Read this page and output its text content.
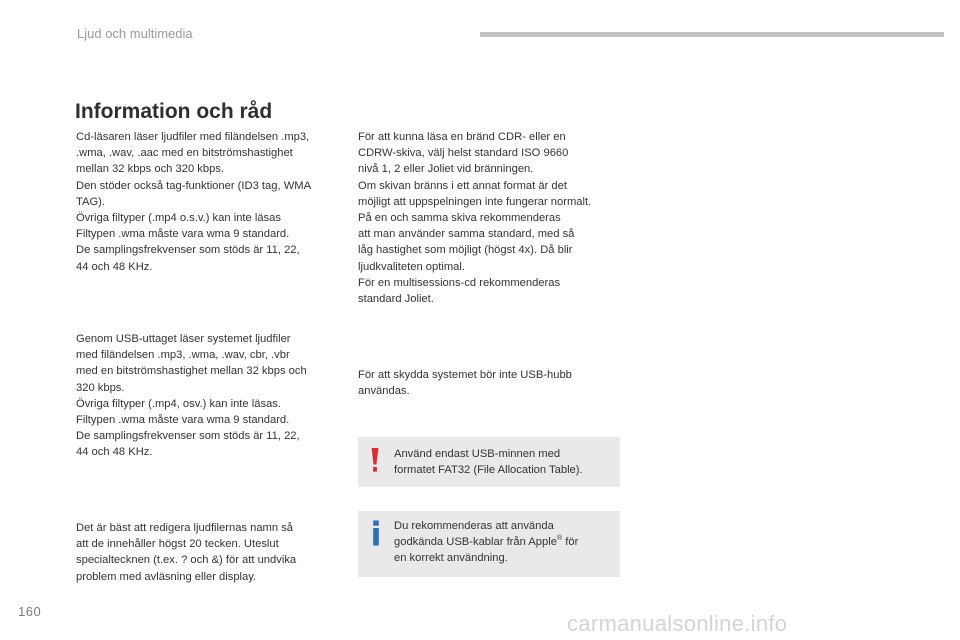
Ljud och multimedia
Information och råd
Cd-läsaren läser ljudfiler med filändelsen .mp3,
.wma, .wav, .aac med en bitströmshastighet
mellan 32 kbps och 320 kbps.
Den stöder också tag-funktioner (ID3 tag, WMA
TAG).
Övriga filtyper (.mp4 o.s.v.) kan inte läsas
Filtypen .wma måste vara wma 9 standard.
De samplingsfrekvenser som stöds är 11, 22,
44 och 48 KHz.
Genom USB-uttaget läser systemet ljudfiler
med filändelsen .mp3, .wma, .wav, cbr, .vbr
med en bitströmshastighet mellan 32 kbps och
320 kbps.
Övriga filtyper (.mp4, osv.) kan inte läsas.
Filtypen .wma måste vara wma 9 standard.
De samplingsfrekvenser som stöds är 11, 22,
44 och 48 KHz.
Det är bäst att redigera ljudfilernas namn så
att de innehåller högst 20 tecken. Uteslut
specialtecknen (t.ex. ? och &) för att undvika
problem med avläsning eller display.
För att kunna läsa en bränd CDR- eller en
CDRW-skiva, välj helst standard ISO 9660
nivå 1, 2 eller Joliet vid bränningen.
Om skivan bränns i ett annat format är det
möjligt att uppspelningen inte fungerar normalt.
På en och samma skiva rekommenderas
att man använder samma standard, med så
låg hastighet som möjligt (högst 4x). Då blir
ljudkvaliteten optimal.
För en multisessions-cd rekommenderas
standard Joliet.
För att skydda systemet bör inte USB-hubb
användas.
Använd endast USB-minnen med
formatet FAT32 (File Allocation Table).
Du rekommenderas att använda
godkända USB-kablar från Apple® för
en korrekt användning.
160	carmanualsonline.info
